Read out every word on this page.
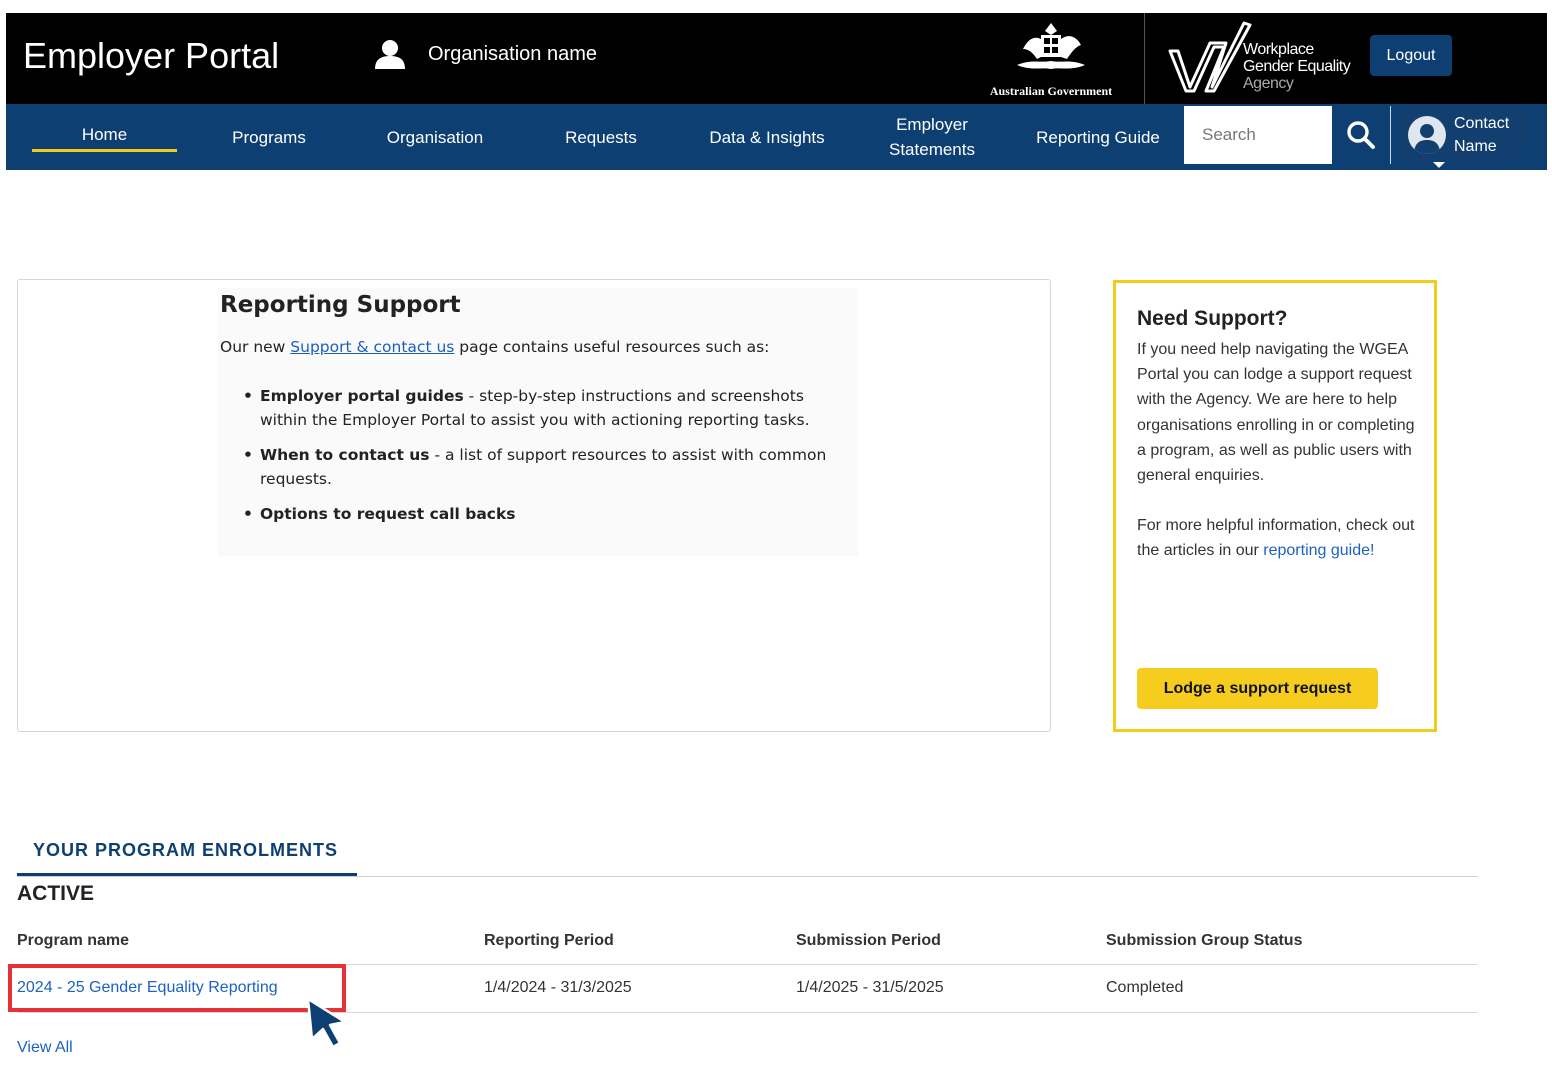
Employer Portal	Organisation name
Australian Government
Workplace
Gender Equality
Agency
Logout
Home	Programs	Organisation	Requests	Data & Insights
Employer
Statements
Reporting Guide
Search
Contact
Name
Reporting Support
Our new Support & contact us page contains useful resources such as:
• Employer portal guides - step-by-step instructions and screenshots within the Employer Portal to assist you with actioning reporting tasks.
• When to contact us - a list of support resources to assist with common requests.
• Options to request call backs
Need Support?

If you need help navigating the WGEA Portal you can lodge a support request with the Agency. We are here to help organisations enrolling in or completing a program, as well as public users with general enquiries.

For more helpful information, check out the articles in our reporting guide!

Lodge a support request
YOUR PROGRAM ENROLMENTS
ACTIVE
Program name	Reporting Period	Submission Period	Submission Group Status
2024 - 25 Gender Equality Reporting	1/4/2024 - 31/3/2025	1/4/2025 - 31/5/2025	Completed
View All
